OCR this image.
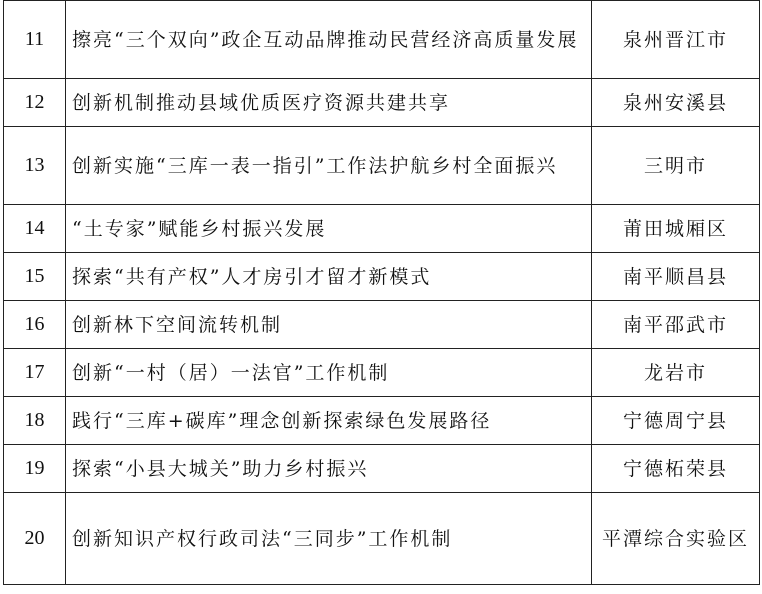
11	擦亮“三个双向”政企互动品牌推动民营经济高质量发展	泉州晋江市
12	创新机制推动县域优质医疗资源共建共享	泉州安溪县
13	创新实施“三库一表一指引”工作法护航乡村全面振兴	三明市
14	“土专家”赋能乡村振兴发展	莆田城厢区
15	探索“共有产权”人才房引才留才新模式	南平顺昌县
16	创新林下空间流转机制	南平邵武市
17	创新“一村（居）一法官”工作机制	龙岩市
18	践行“三库+碳库”理念创新探索绿色发展路径	宁德周宁县
19	探索“小县大城关”助力乡村振兴	宁德柘荣县
20	创新知识产权行政司法“三同步”工作机制	平潭综合实验区
